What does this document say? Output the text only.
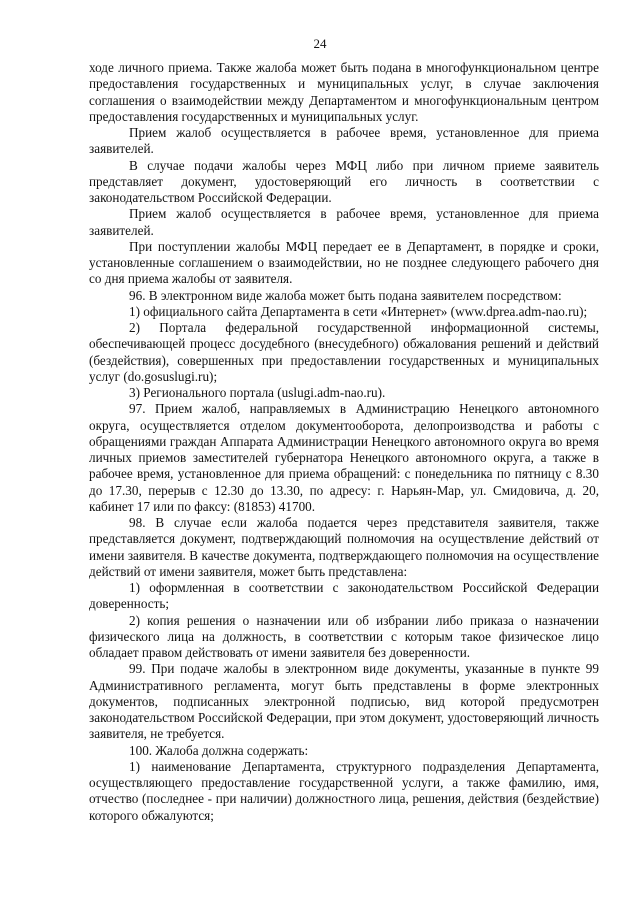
24

ходе личного приема. Также жалоба может быть подана в многофункциональном центре предоставления государственных и муниципальных услуг, в случае заключения соглашения о взаимодействии между Департаментом и многофункциональным центром предоставления государственных и муниципальных услуг.

Прием жалоб осуществляется в рабочее время, установленное для приема заявителей.

В случае подачи жалобы через МФЦ либо при личном приеме заявитель представляет документ, удостоверяющий его личность в соответствии с законодательством Российской Федерации.

Прием жалоб осуществляется в рабочее время, установленное для приема заявителей.

При поступлении жалобы МФЦ передает ее в Департамент, в порядке и сроки, установленные соглашением о взаимодействии, но не позднее следующего рабочего дня со дня приема жалобы от заявителя.

96. В электронном виде жалоба может быть подана заявителем посредством:

1) официального сайта Департамента в сети «Интернет» (www.dprea.adm-nao.ru);

2) Портала федеральной государственной информационной системы, обеспечивающей процесс досудебного (внесудебного) обжалования решений и действий (бездействия), совершенных при предоставлении государственных и муниципальных услуг (do.gosuslugi.ru);

3) Регионального портала (uslugi.adm-nao.ru).

97. Прием жалоб, направляемых в Администрацию Ненецкого автономного округа, осуществляется отделом документооборота, делопроизводства и работы с обращениями граждан Аппарата Администрации Ненецкого автономного округа во время личных приемов заместителей губернатора Ненецкого автономного округа, а также в рабочее время, установленное для приема обращений: с понедельника по пятницу с 8.30 до 17.30, перерыв с 12.30 до 13.30, по адресу: г. Нарьян-Мар, ул. Смидовича, д. 20, кабинет 17 или по факсу: (81853) 41700.

98. В случае если жалоба подается через представителя заявителя, также представляется документ, подтверждающий полномочия на осуществление действий от имени заявителя. В качестве документа, подтверждающего полномочия на осуществление действий от имени заявителя, может быть представлена:

1) оформленная в соответствии с законодательством Российской Федерации доверенность;

2) копия решения о назначении или об избрании либо приказа о назначении физического лица на должность, в соответствии с которым такое физическое лицо обладает правом действовать от имени заявителя без доверенности.

99. При подаче жалобы в электронном виде документы, указанные в пункте 99 Административного регламента, могут быть представлены в форме электронных документов, подписанных электронной подписью, вид которой предусмотрен законодательством Российской Федерации, при этом документ, удостоверяющий личность заявителя, не требуется.

100. Жалоба должна содержать:

1) наименование Департамента, структурного подразделения Департамента, осуществляющего предоставление государственной услуги, а также фамилию, имя, отчество (последнее - при наличии) должностного лица, решения, действия (бездействие) которого обжалуются;
